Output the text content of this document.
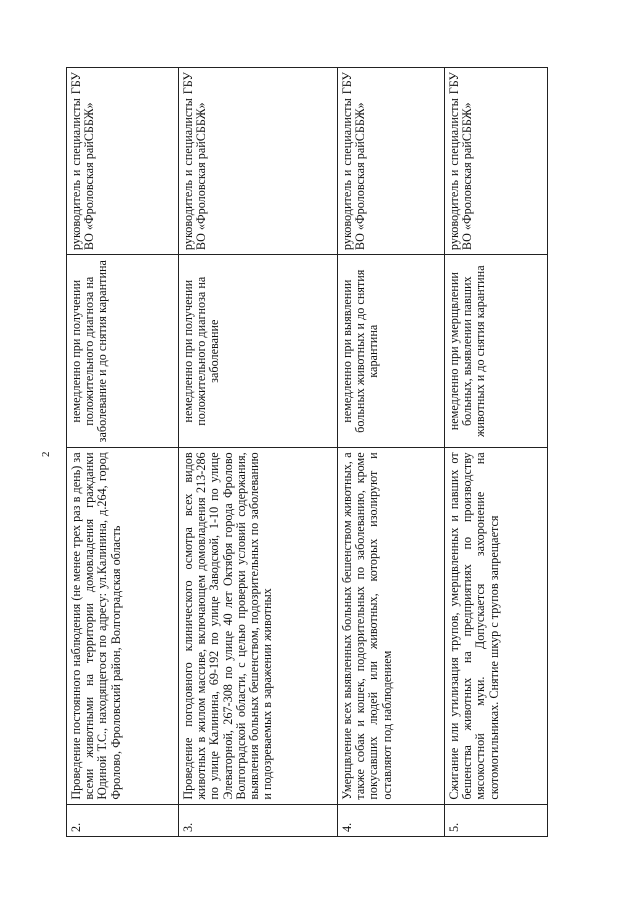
2
2.	Проведение постоянного наблюдения (не менее трех раз в день) за всеми животными на территории домовладения гражданки Юдиной Т.С., находящегося по адресу: ул.Калинина, д.264, город Фролово, Фроловский район, Волгоградская область	немедленно при получении положительного диагноза на заболевание и до снятия карантина	руководитель и специалисты ГБУ ВО «Фроловская райСББЖ»
3.	Проведение погодовного клинического осмотра всех видов животных в жилом массиве, включающем домовладения 213-286 по улице Калинина, 69-192 по улице Заводской, 1-10 по улице Элеваторной, 267-308 по улице 40 лет Октября города Фролово Волгоградской области, с целью проверки условий содержания, выявления больных бешенством, подозрительных по заболеванию и подозреваемых в заражении животных	немедленно при получении положительного диагноза на заболевание	руководитель и специалисты ГБУ ВО «Фроловская райСББЖ»
4.	Умерщвление всех выявленных больных бешенством животных, а также собак и кошек, подозрительных по заболеванию, кроме покусавших людей или животных, которых изолируют и оставляют под наблюдением	немедленно при выявлении больных животных и до снятия карантина	руководитель и специалисты ГБУ ВО «Фроловская райСББЖ»
5.	Сжигание или утилизация трупов, умерщвленных и павших от бешенства животных на предприятиях по производству мясокостной муки. Допускается захоронение на скотомогильниках. Снятие шкур с трупов запрещается	немедленно при умерщвлении больных, выявлении павших животных и до снятия карантина	руководитель и специалисты ГБУ ВО «Фроловская райСББЖ»
